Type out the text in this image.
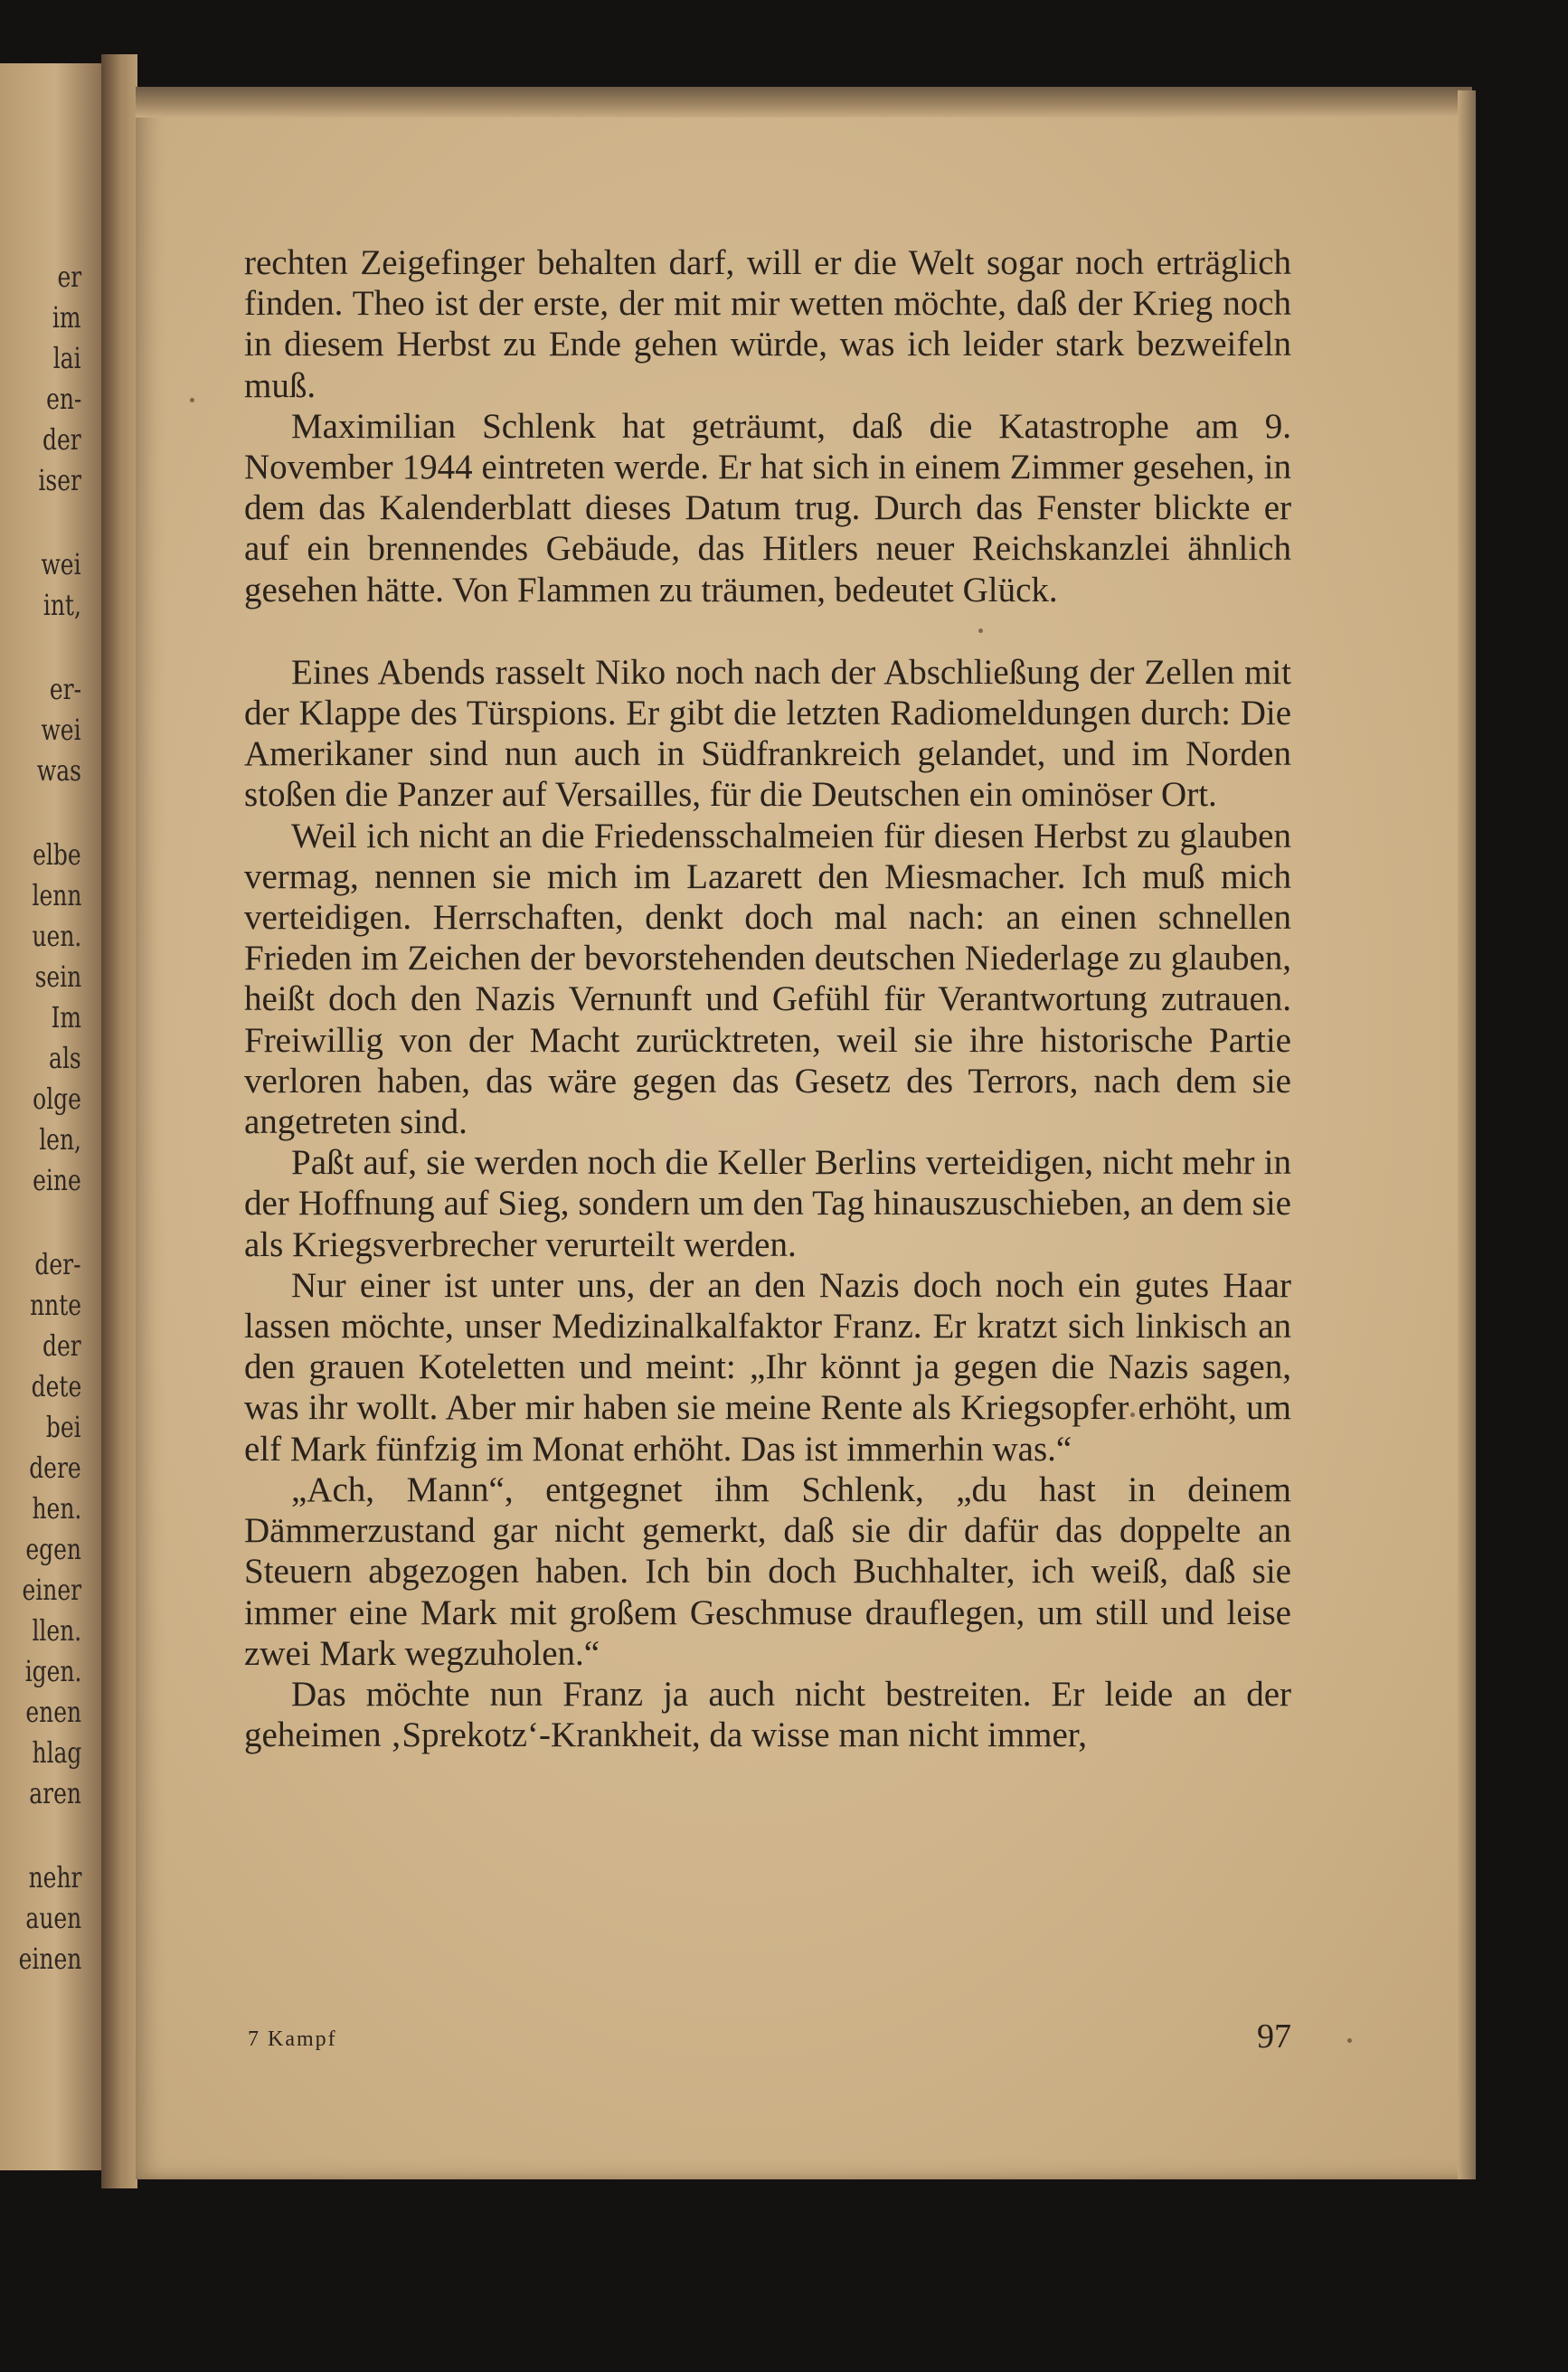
er
im
lai
en-
der
iser
wei
int,
er-
wei
was
elbe
lenn
uen.
sein
Im
als
olge
len,
eine
der-
nnte
der
dete
bei
dere
hen.
egen
einer
llen.
igen.
enen
hlag
aren
nehr
auen
einen

rechten Zeigefinger behalten darf, will er die Welt sogar noch erträglich finden. Theo ist der erste, der mit mir wetten möchte, daß der Krieg noch in diesem Herbst zu Ende gehen würde, was ich leider stark bezweifeln muß.

Maximilian Schlenk hat geträumt, daß die Katastrophe am 9. November 1944 eintreten werde. Er hat sich in einem Zimmer gesehen, in dem das Kalenderblatt dieses Datum trug. Durch das Fenster blickte er auf ein brennendes Gebäude, das Hitlers neuer Reichskanzlei ähnlich gesehen hätte. Von Flammen zu träumen, bedeutet Glück.

Eines Abends rasselt Niko noch nach der Abschließung der Zellen mit der Klappe des Türspions. Er gibt die letzten Radiomeldungen durch: Die Amerikaner sind nun auch in Südfrankreich gelandet, und im Norden stoßen die Panzer auf Versailles, für die Deutschen ein ominöser Ort.

Weil ich nicht an die Friedensschalmeien für diesen Herbst zu glauben vermag, nennen sie mich im Lazarett den Miesmacher. Ich muß mich verteidigen. Herrschaften, denkt doch mal nach: an einen schnellen Frieden im Zeichen der bevorstehenden deutschen Niederlage zu glauben, heißt doch den Nazis Vernunft und Gefühl für Verantwortung zutrauen. Freiwillig von der Macht zurücktreten, weil sie ihre historische Partie verloren haben, das wäre gegen das Gesetz des Terrors, nach dem sie angetreten sind.

Paßt auf, sie werden noch die Keller Berlins verteidigen, nicht mehr in der Hoffnung auf Sieg, sondern um den Tag hinauszuschieben, an dem sie als Kriegsverbrecher verurteilt werden.

Nur einer ist unter uns, der an den Nazis doch noch ein gutes Haar lassen möchte, unser Medizinalkalfaktor Franz. Er kratzt sich linkisch an den grauen Koteletten und meint: „Ihr könnt ja gegen die Nazis sagen, was ihr wollt. Aber mir haben sie meine Rente als Kriegsopfer erhöht, um elf Mark fünfzig im Monat erhöht. Das ist immerhin was.“

„Ach, Mann“, entgegnet ihm Schlenk, „du hast in deinem Dämmerzustand gar nicht gemerkt, daß sie dir dafür das doppelte an Steuern abgezogen haben. Ich bin doch Buchhalter, ich weiß, daß sie immer eine Mark mit großem Geschmuse drauflegen, um still und leise zwei Mark wegzuholen.“

Das möchte nun Franz ja auch nicht bestreiten. Er leide an der geheimen ‚Sprekotz‘-Krankheit, da wisse man nicht immer,

7 Kampf	97
